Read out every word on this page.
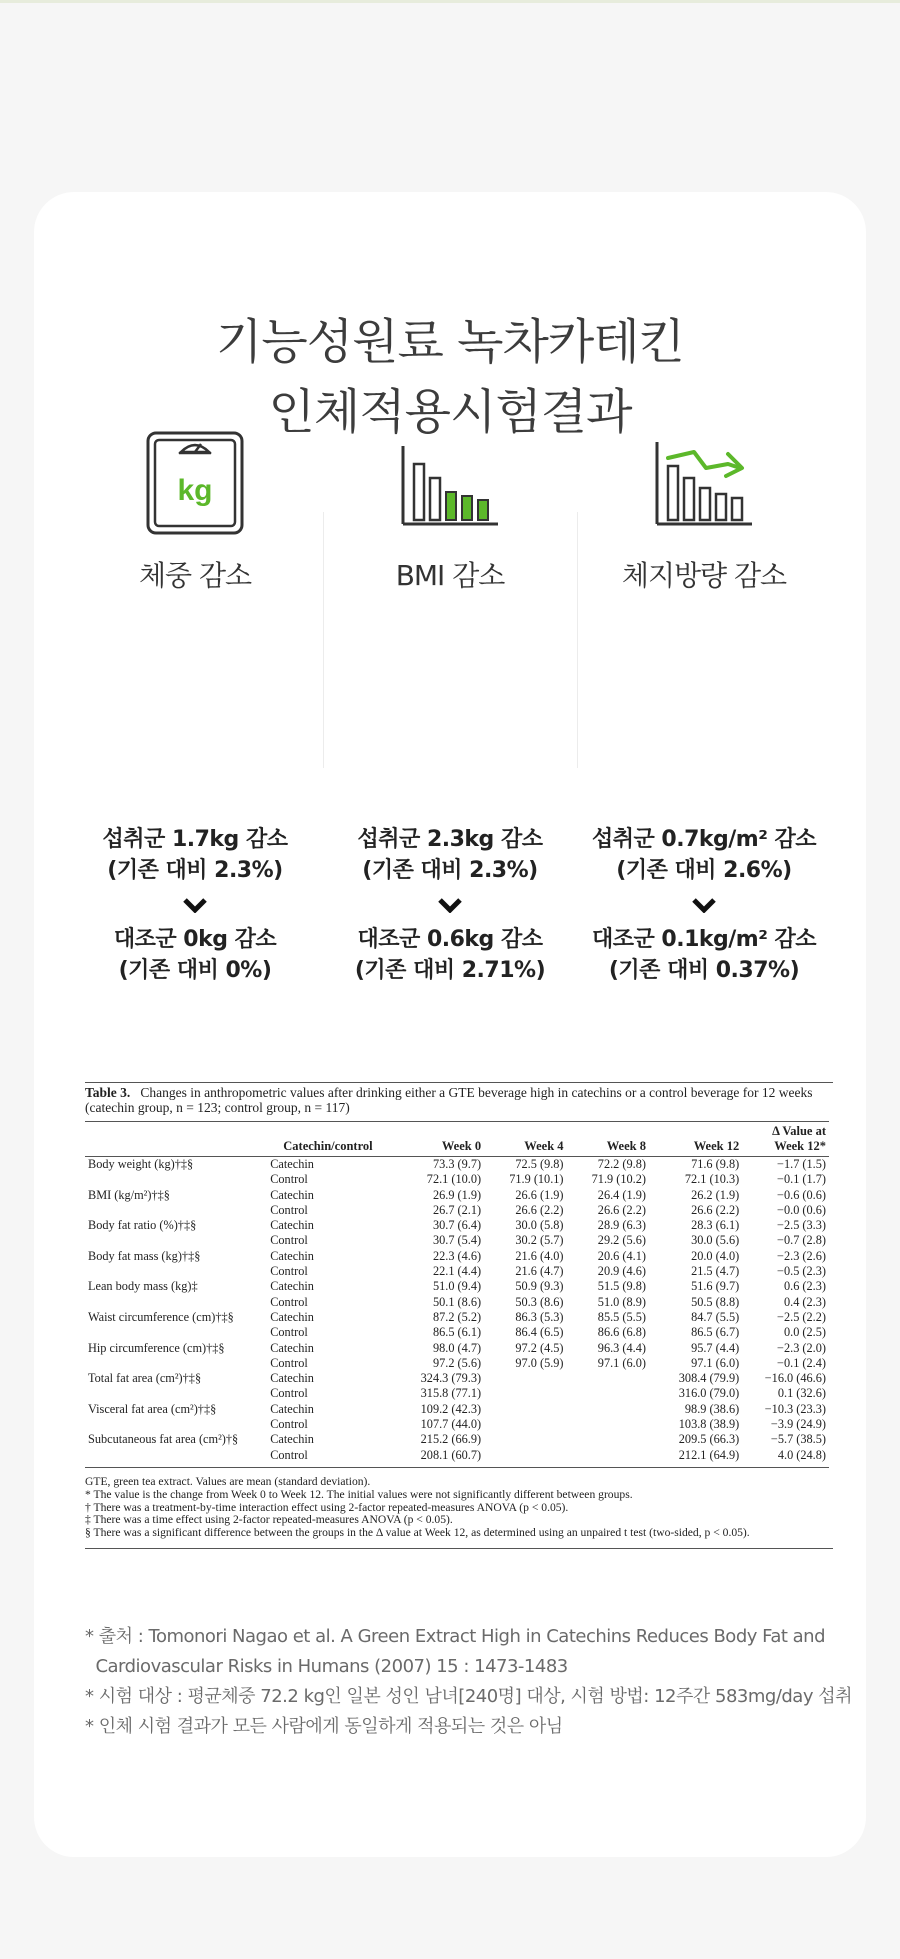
기능성원료 녹차카테킨
인체적용시험결과
kg
체중 감소	BMI 감소	체지방량 감소
섭취군 1.7kg 감소
(기존 대비 2.3%)
대조군 0kg 감소
(기존 대비 0%)
섭취군 2.3kg 감소
(기존 대비 2.3%)
대조군 0.6kg 감소
(기존 대비 2.71%)
섭취군 0.7kg/m² 감소
(기존 대비 2.6%)
대조군 0.1kg/m² 감소
(기존 대비 0.37%)
Table 3. Changes in anthropometric values after drinking either a GTE beverage high in catechins or a control beverage for 12 weeks (catechin group, n = 123; control group, n = 117)
	Catechin/control	Week 0	Week 4	Week 8	Week 12	Δ Value at Week 12*
Body weight (kg)†‡§	Catechin	73.3 (9.7)	72.5 (9.8)	72.2 (9.8)	71.6 (9.8)	−1.7 (1.5)
	Control	72.1 (10.0)	71.9 (10.1)	71.9 (10.2)	72.1 (10.3)	−0.1 (1.7)
BMI (kg/m²)†‡§	Catechin	26.9 (1.9)	26.6 (1.9)	26.4 (1.9)	26.2 (1.9)	−0.6 (0.6)
	Control	26.7 (2.1)	26.6 (2.2)	26.6 (2.2)	26.6 (2.2)	−0.0 (0.6)
Body fat ratio (%)†‡§	Catechin	30.7 (6.4)	30.0 (5.8)	28.9 (6.3)	28.3 (6.1)	−2.5 (3.3)
	Control	30.7 (5.4)	30.2 (5.7)	29.2 (5.6)	30.0 (5.6)	−0.7 (2.8)
Body fat mass (kg)†‡§	Catechin	22.3 (4.6)	21.6 (4.0)	20.6 (4.1)	20.0 (4.0)	−2.3 (2.6)
	Control	22.1 (4.4)	21.6 (4.7)	20.9 (4.6)	21.5 (4.7)	−0.5 (2.3)
Lean body mass (kg)‡	Catechin	51.0 (9.4)	50.9 (9.3)	51.5 (9.8)	51.6 (9.7)	0.6 (2.3)
	Control	50.1 (8.6)	50.3 (8.6)	51.0 (8.9)	50.5 (8.8)	0.4 (2.3)
Waist circumference (cm)†‡§	Catechin	87.2 (5.2)	86.3 (5.3)	85.5 (5.5)	84.7 (5.5)	−2.5 (2.2)
	Control	86.5 (6.1)	86.4 (6.5)	86.6 (6.8)	86.5 (6.7)	0.0 (2.5)
Hip circumference (cm)†‡§	Catechin	98.0 (4.7)	97.2 (4.5)	96.3 (4.4)	95.7 (4.4)	−2.3 (2.0)
	Control	97.2 (5.6)	97.0 (5.9)	97.1 (6.0)	97.1 (6.0)	−0.1 (2.4)
Total fat area (cm²)†‡§	Catechin	324.3 (79.3)			308.4 (79.9)	−16.0 (46.6)
	Control	315.8 (77.1)			316.0 (79.0)	0.1 (32.6)
Visceral fat area (cm²)†‡§	Catechin	109.2 (42.3)			98.9 (38.6)	−10.3 (23.3)
	Control	107.7 (44.0)			103.8 (38.9)	−3.9 (24.9)
Subcutaneous fat area (cm²)†§	Catechin	215.2 (66.9)			209.5 (66.3)	−5.7 (38.5)
	Control	208.1 (60.7)			212.1 (64.9)	4.0 (24.8)
GTE, green tea extract. Values are mean (standard deviation).
* The value is the change from Week 0 to Week 12. The initial values were not significantly different between groups.
† There was a treatment-by-time interaction effect using 2-factor repeated-measures ANOVA (p < 0.05).
‡ There was a time effect using 2-factor repeated-measures ANOVA (p < 0.05).
§ There was a significant difference between the groups in the Δ value at Week 12, as determined using an unpaired t test (two-sided, p < 0.05).
* 출처 : Tomonori Nagao et al. A Green Extract High in Catechins Reduces Body Fat and
Cardiovascular Risks in Humans (2007) 15 : 1473-1483
* 시험 대상 : 평균체중 72.2 kg인 일본 성인 남녀[240명] 대상, 시험 방법: 12주간 583mg/day 섭취
* 인체 시험 결과가 모든 사람에게 동일하게 적용되는 것은 아님
